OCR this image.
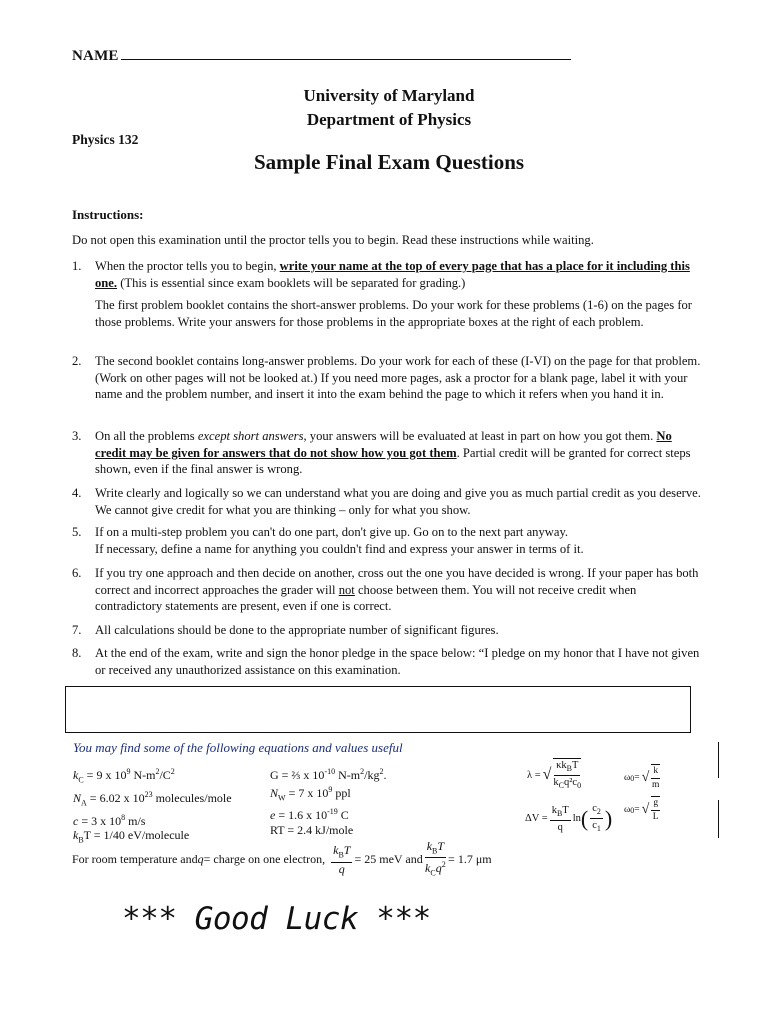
NAME
University of Maryland
Department of Physics
Physics 132
Sample Final Exam Questions
Instructions:
Do not open this examination until the proctor tells you to begin. Read these instructions while waiting.
1. When the proctor tells you to begin, write your name at the top of every page that has a place for it including this one. (This is essential since exam booklets will be separated for grading.)
The first problem booklet contains the short-answer problems. Do your work for these problems (1-6) on the pages for those problems. Write your answers for those problems in the appropriate boxes at the right of each problem.
2. The second booklet contains long-answer problems. Do your work for each of these (I-VI) on the page for that problem. (Work on other pages will not be looked at.) If you need more pages, ask a proctor for a blank page, label it with your name and the problem number, and insert it into the exam behind the page to which it refers when you hand it in.
3. On all the problems except short answers, your answers will be evaluated at least in part on how you got them. No credit may be given for answers that do not show how you got them. Partial credit will be granted for correct steps shown, even if the final answer is wrong.
4. Write clearly and logically so we can understand what you are doing and give you as much partial credit as you deserve. We cannot give credit for what you are thinking – only for what you show.
5. If on a multi-step problem you can't do one part, don't give up. Go on to the next part anyway.
If necessary, define a name for anything you couldn't find and express your answer in terms of it.
6. If you try one approach and then decide on another, cross out the one you have decided is wrong. If your paper has both correct and incorrect approaches the grader will not choose between them. You will not receive credit when contradictory statements are present, even if one is correct.
7. All calculations should be done to the appropriate number of significant figures.
8. At the end of the exam, write and sign the honor pledge in the space below: “I pledge on my honor that I have not given or received any unauthorized assistance on this examination.
You may find some of the following equations and values useful
$k_C = 9$ x $10^9$ $N-m^2/C^2$
$N_A = 6.02$ x $10^{23}$ molecules/mole
c = 3 x $10^8$ m/s
$k_BT = 1/40$ eV/molecule
G = ⅔ x $10^{-10}$ $N-m^2/kg^2$.
$N_W = 7$ x $10^9$ ppl
e = 1.6 x $10^{-19}$ C
RT = 2.4 kJ/mole
λ = √ $\frac{\kappa k_BT}{k_Cq^2c_0}$
$\Delta V = \frac{k_BT}{q}$ ln ( $\frac{c_2}{c_1}$ )
ω 0 = √ $\frac{k}{m}$
ω 0 = √ $\frac{g}{L}$
For room temperature and q = charge on one electron, $\frac{k_BT}{q} = 25$ meV and $\frac{k_BT}{k_Cq^2} = 1.7$ μm
*** Good Luck ***
